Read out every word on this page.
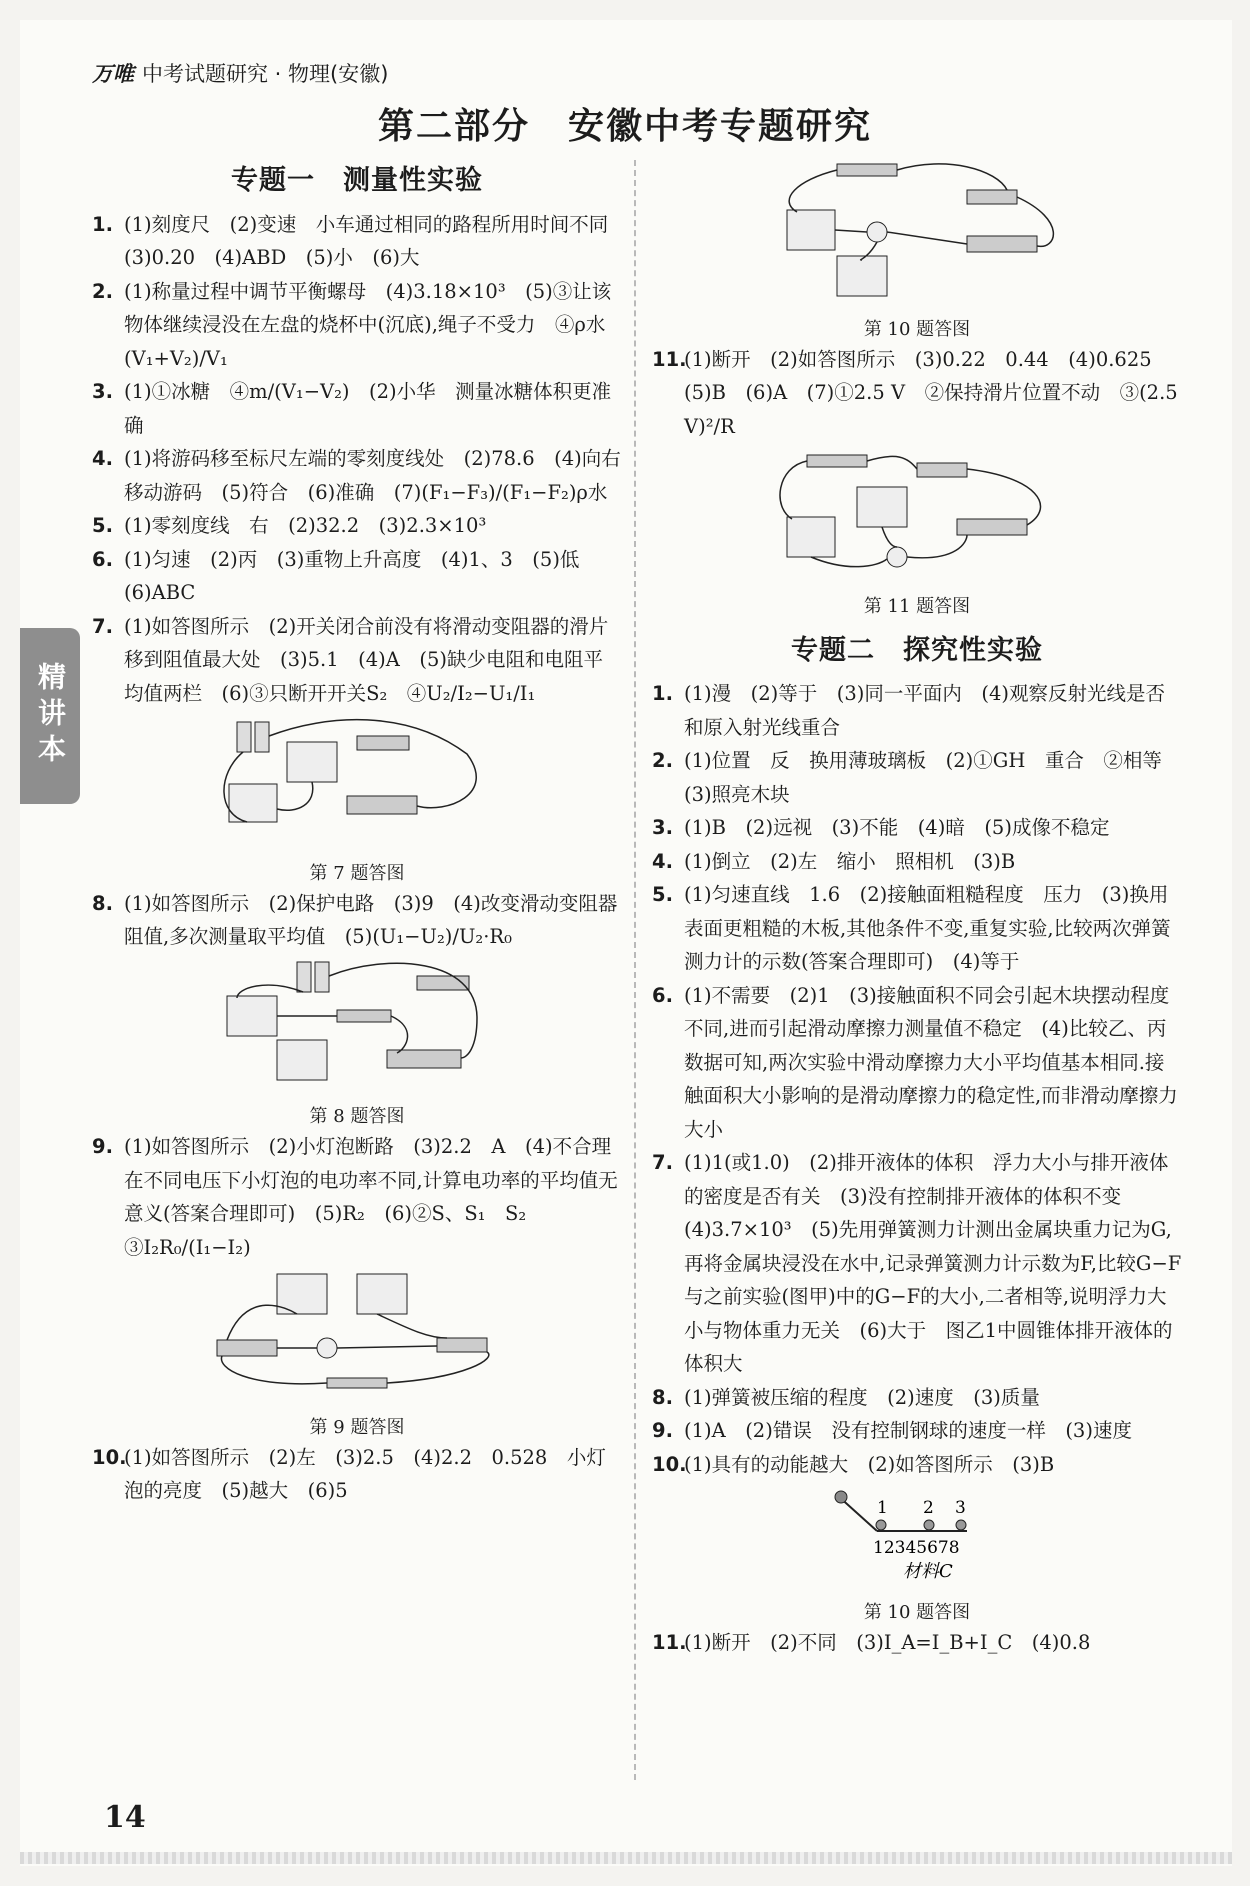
万唯 中考试题研究 · 物理(安徽)
第二部分　安徽中考专题研究
精讲本
专题一　测量性实验
1. (1)刻度尺　(2)变速　小车通过相同的路程所用时间不同　(3)0.20　(4)ABD　(5)小　(6)大
2. (1)称量过程中调节平衡螺母　(4)3.18×10³　(5)③让该物体继续浸没在左盘的烧杯中(沉底),绳子不受力　④ρ水(V₁+V₂)/V₁
3. (1)①冰糖　④m/(V₁−V₂)　(2)小华　测量冰糖体积更准确
4. (1)将游码移至标尺左端的零刻度线处　(2)78.6　(4)向右移动游码　(5)符合　(6)准确　(7)(F₁−F₃)/(F₁−F₂)ρ水
5. (1)零刻度线　右　(2)32.2　(3)2.3×10³
6. (1)匀速　(2)丙　(3)重物上升高度　(4)1、3　(5)低　(6)ABC
7. (1)如答图所示　(2)开关闭合前没有将滑动变阻器的滑片移到阻值最大处　(3)5.1　(4)A　(5)缺少电阻和电阻平均值两栏　(6)③只断开开关S₂　④U₂/I₂−U₁/I₁
第 7 题答图
8. (1)如答图所示　(2)保护电路　(3)9　(4)改变滑动变阻器阻值,多次测量取平均值　(5)(U₁−U₂)/U₂·R₀
第 8 题答图
9. (1)如答图所示　(2)小灯泡断路　(3)2.2　A　(4)不合理　在不同电压下小灯泡的电功率不同,计算电功率的平均值无意义(答案合理即可)　(5)R₂　(6)②S、S₁　S₂　③I₂R₀/(I₁−I₂)
第 9 题答图
10.
(1)如答图所示　(2)左　(3)2.5　(4)2.2　0.528　小灯泡的亮度　(5)越大　(6)5
第 10 题答图
11.
(1)断开　(2)如答图所示　(3)0.22　0.44　(4)0.625　(5)B　(6)A　(7)①2.5 V　②保持滑片位置不动　③(2.5 V)²/R
第 11 题答图
专题二　探究性实验
1. (1)漫　(2)等于　(3)同一平面内　(4)观察反射光线是否和原入射光线重合
2. (1)位置　反　换用薄玻璃板　(2)①GH　重合　②相等　(3)照亮木块
3. (1)B　(2)远视　(3)不能　(4)暗　(5)成像不稳定
4. (1)倒立　(2)左　缩小　照相机　(3)B
5. (1)匀速直线　1.6　(2)接触面粗糙程度　压力　(3)换用表面更粗糙的木板,其他条件不变,重复实验,比较两次弹簧测力计的示数(答案合理即可)　(4)等于
6. (1)不需要　(2)1　(3)接触面积不同会引起木块摆动程度不同,进而引起滑动摩擦力测量值不稳定　(4)比较乙、丙数据可知,两次实验中滑动摩擦力大小平均值基本相同.接触面积大小影响的是滑动摩擦力的稳定性,而非滑动摩擦力大小
7. (1)1(或1.0)　(2)排开液体的体积　浮力大小与排开液体的密度是否有关　(3)没有控制排开液体的体积不变　(4)3.7×10³　(5)先用弹簧测力计测出金属块重力记为G,再将金属块浸没在水中,记录弹簧测力计示数为F,比较G−F与之前实验(图甲)中的G−F的大小,二者相等,说明浮力大小与物体重力无关　(6)大于　图乙1中圆锥体排开液体的体积大
8. (1)弹簧被压缩的程度　(2)速度　(3)质量
9. (1)A　(2)错误　没有控制钢球的速度一样　(3)速度
10.
(1)具有的动能越大　(2)如答图所示　(3)B
1 2 3
12345678
材料C
第 10 题答图
11.
(1)断开　(2)不同　(3)I_A=I_B+I_C　(4)0.8
14
